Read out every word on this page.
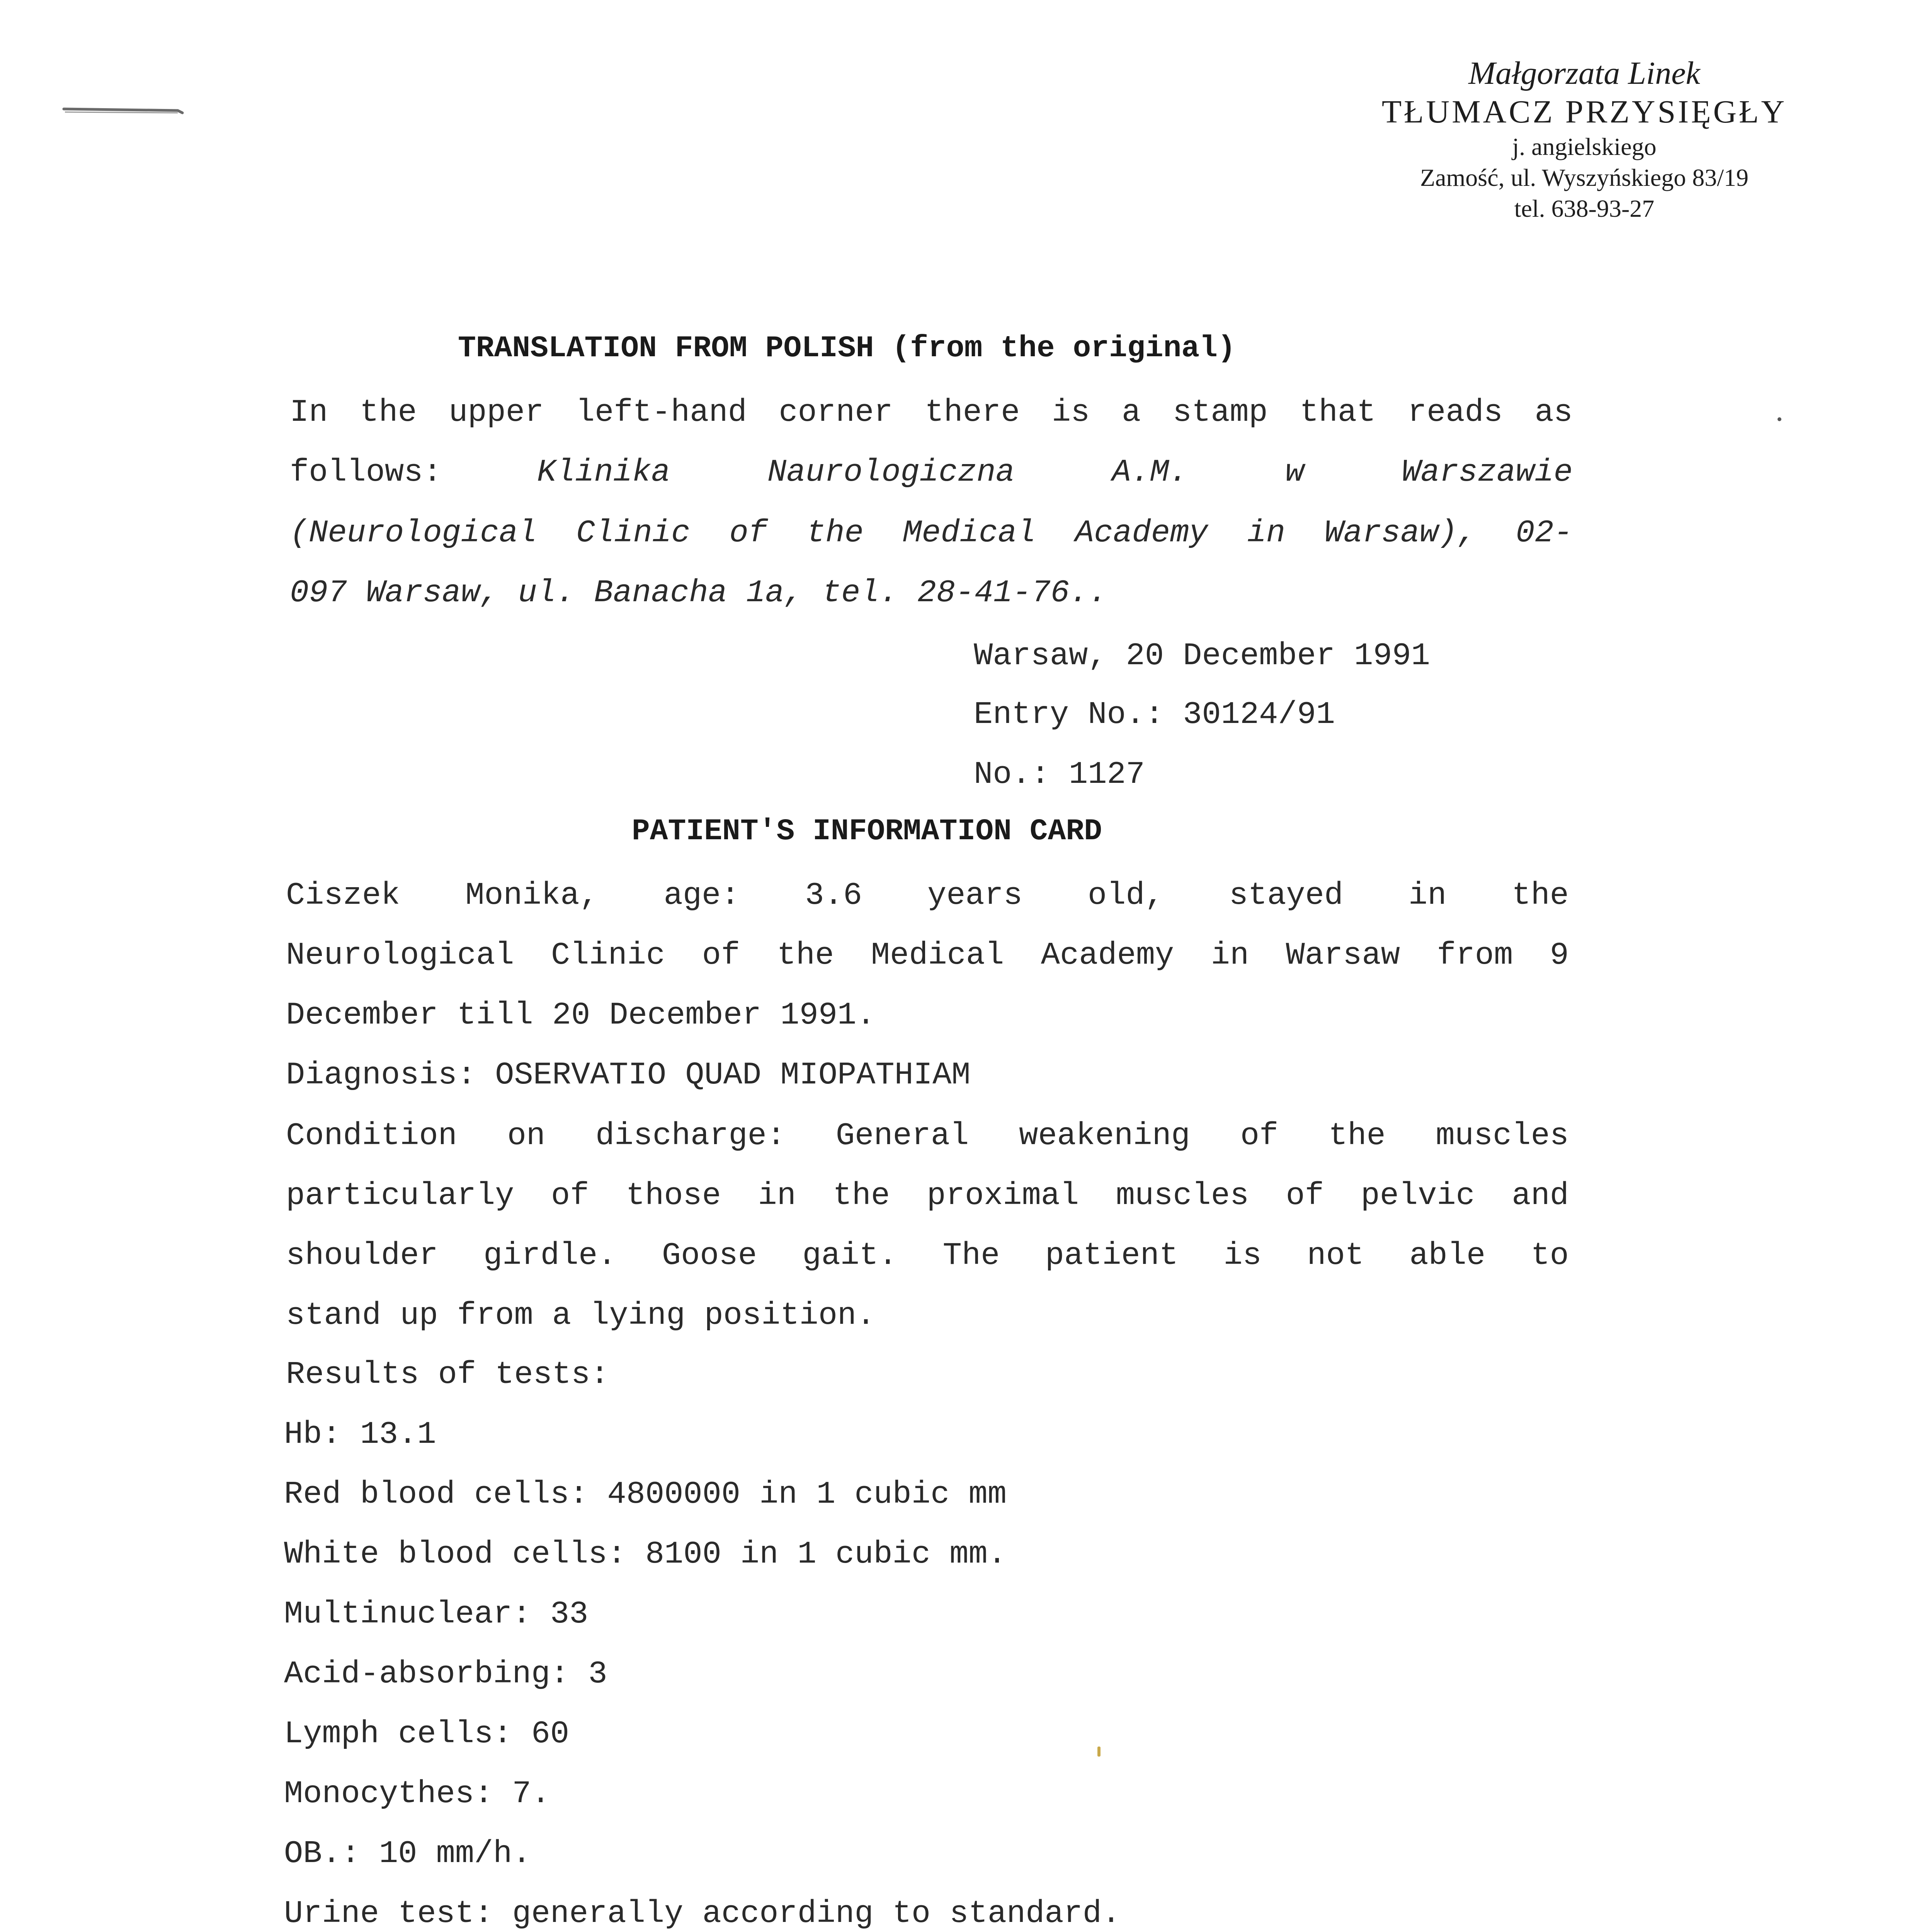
Małgorzata Linek
TŁUMACZ PRZYSIĘGŁY
j. angielskiego
Zamość, ul. Wyszyńskiego 83/19
tel. 638-93-27
TRANSLATION FROM POLISH (from the original)
In the upper left-hand corner there is a stamp that reads as
follows:	Klinika Naurologiczna A.M. w Warszawie
(Neurological Clinic of the Medical Academy in Warsaw), 02-
097 Warsaw, ul. Banacha 1a, tel. 28-41-76..
Warsaw, 20 December 1991
Entry No.: 30124/91
No.: 1127
PATIENT'S INFORMATION CARD
Ciszek Monika, age: 3.6 years old, stayed in the
Neurological Clinic of the Medical Academy in Warsaw from 9
December till 20 December 1991.
Diagnosis: OSERVATIO QUAD MIOPATHIAM
Condition on discharge: General weakening of the muscles
particularly of those in the proximal muscles of pelvic and
shoulder girdle. Goose gait. The patient is not able to
stand up from a lying position.
Results of tests:
Hb: 13.1
Red blood cells: 4800000 in 1 cubic mm
White blood cells: 8100 in 1 cubic mm.
Multinuclear: 33
Acid-absorbing: 3
Lymph cells: 60
Monocythes: 7.
OB.: 10 mm/h.
Urine test: generally according to standard.
